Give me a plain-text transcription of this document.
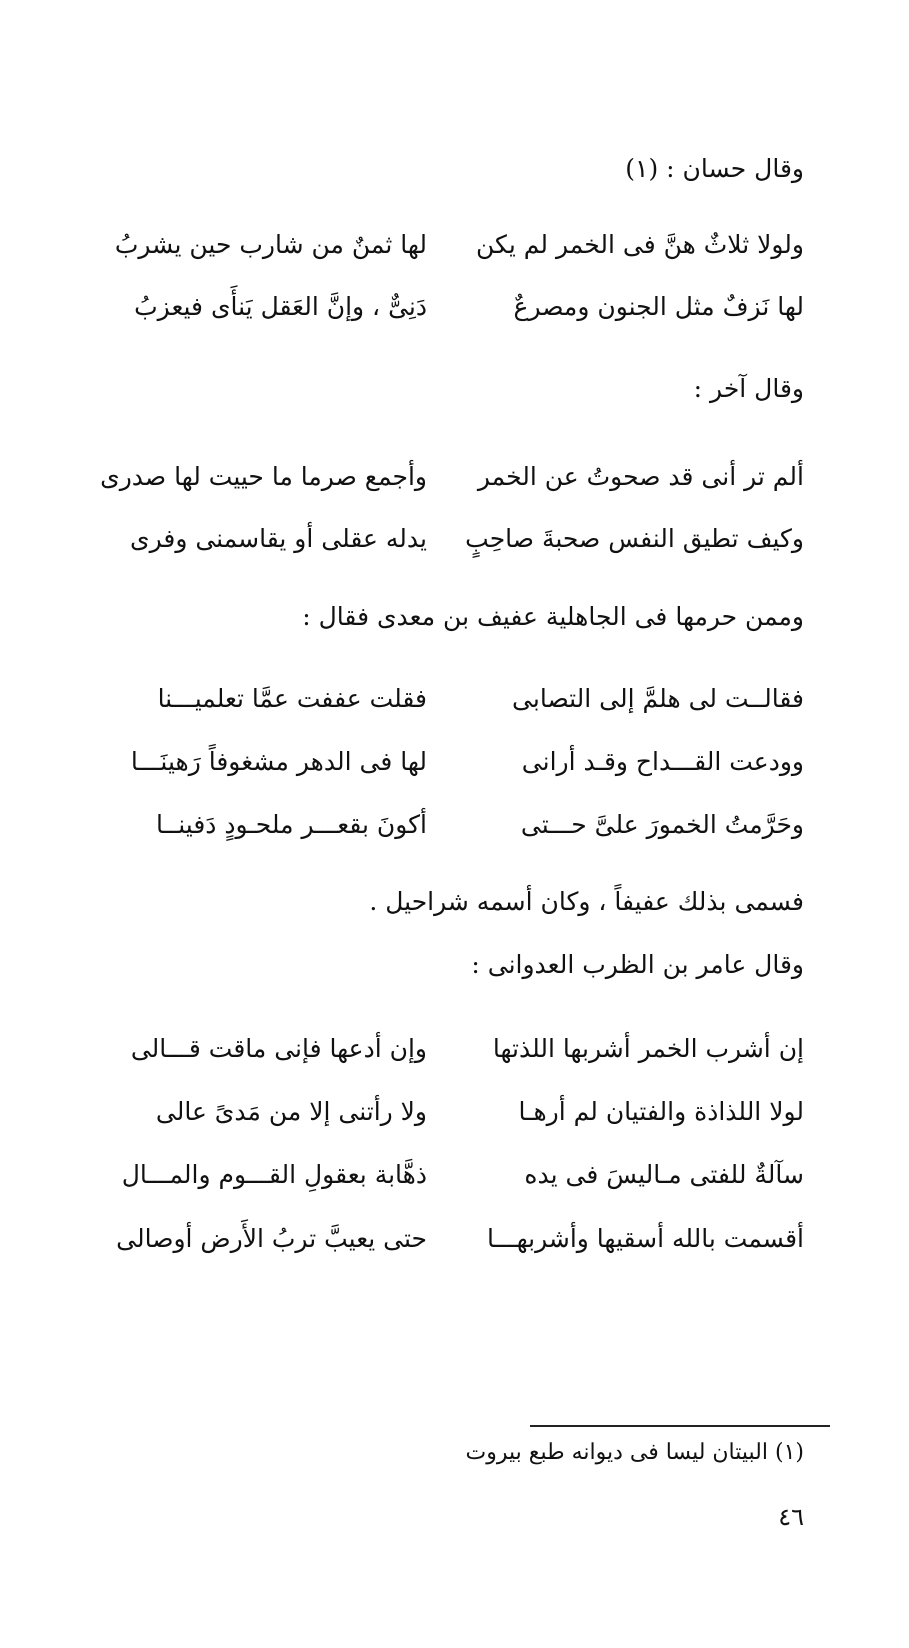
وقال حسان : (١)
ولولا ثلاثٌ هنَّ فى الخمر لم يكن
لها ثمنٌ من شارب حين يشربُ
لها نَزفٌ مثل الجنون ومصرعٌ
دَنِىٌّ ، وإنَّ العَقل يَنأَى فيعزبُ
وقال آخر :
ألم تر أنى قد صحوتُ عن الخمر
وأجمع صرما ما حييت لها صدرى
وكيف تطيق النفس صحبةَ صاحِبٍ
يدله عقلى أو يقاسمنى وفرى
وممن حرمها فى الجاهلية عفيف بن معدى فقال :
فقالــت لى هلمَّ إلى التصابى
فقلت عففت عمَّا تعلميـــنا
وودعت القـــداح وقـد أرانى
لها فى الدهر مشغوفاً رَهينَـــا
وحَرَّمتُ الخمورَ علىَّ حـــتى
أكونَ بقعـــر ملحـودٍ دَفينــا
فسمى بذلك عفيفاً ، وكان أسمه شراحيل .
وقال عامر بن الظرب العدوانى :
إن أشرب الخمر أشربها اللذتها
وإن أدعها فإنى ماقت قـــالى
لولا اللذاذة والفتيان لم أرهـا
ولا رأتنى إلا من مَدىً عالى
سآلةٌ للفتى مـاليسَ فى يده
ذهَّابة بعقولِ القـــوم والمـــال
أقسمت بالله أسقيها وأشربهـــا
حتى يعيبَّ تربُ الأَرض أوصالى
(١) البيتان ليسا فى ديوانه طبع بيروت
٤٦
